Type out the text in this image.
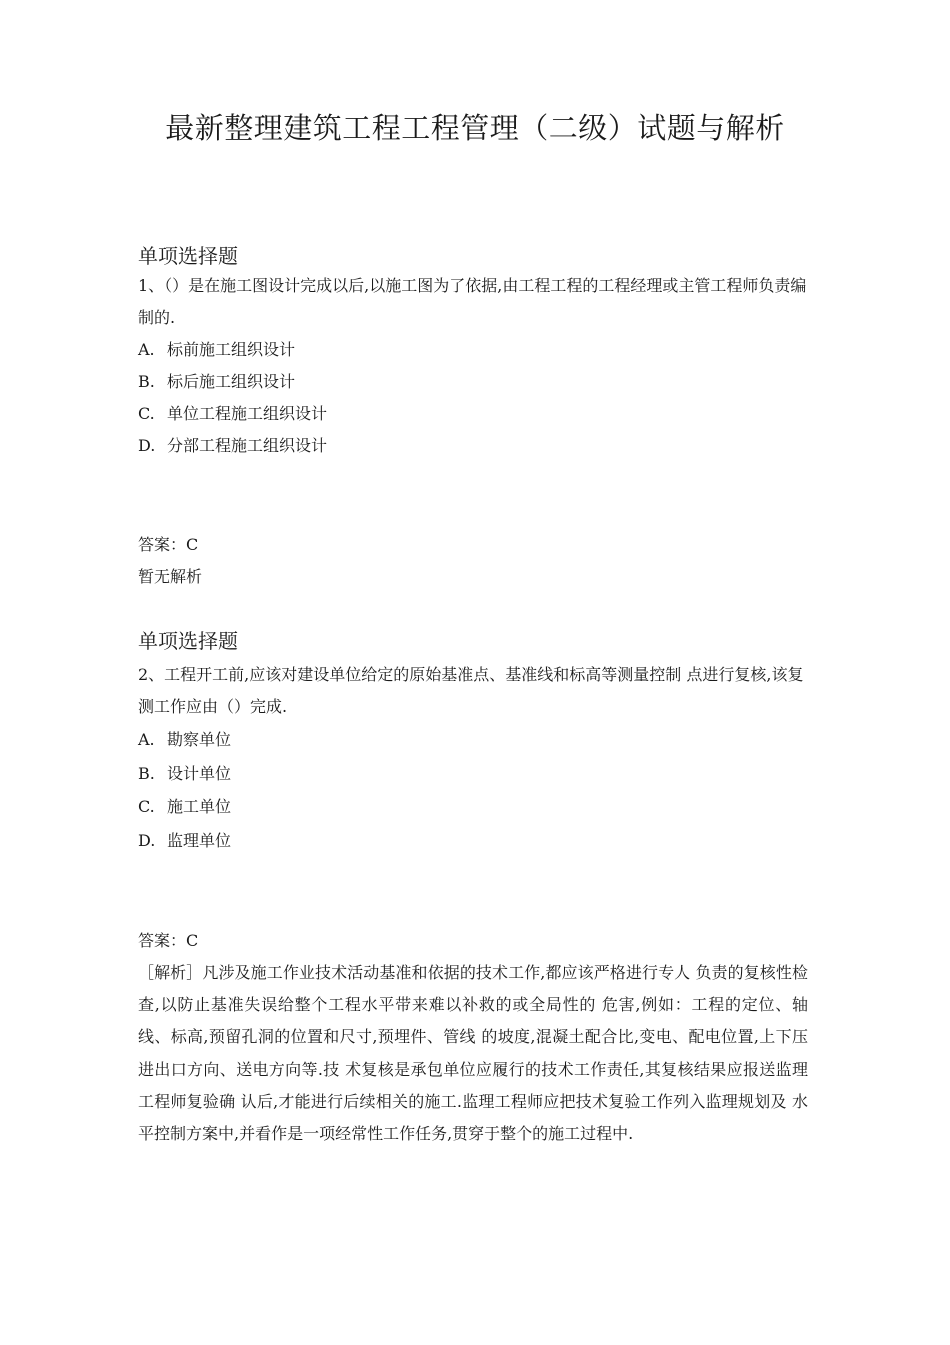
最新整理建筑工程工程管理（二级）试题与解析

单项选择题

1、（）是在施工图设计完成以后,以施工图为了依据,由工程工程的工程经理或主管工程师负责编制的.

A. 标前施工组织设计

B. 标后施工组织设计

C. 单位工程施工组织设计

D. 分部工程施工组织设计

答案：C

暂无解析

单项选择题

2、工程开工前,应该对建设单位给定的原始基准点、基准线和标高等测量控制 点进行复核,该复测工作应由（）完成.

A. 勘察单位

B. 设计单位

C. 施工单位

D. 监理单位

答案：C

［解析］凡涉及施工作业技术活动基准和依据的技术工作,都应该严格进行专人 负责的复核性检查,以防止基准失误给整个工程水平带来难以补救的或全局性的 危害,例如：工程的定位、轴线、标高,预留孔洞的位置和尺寸,预埋件、管线 的坡度,混凝土配合比,变电、配电位置,上下压进出口方向、送电方向等.技 术复核是承包单位应履行的技术工作责任,其复核结果应报送监理工程师复验确 认后,才能进行后续相关的施工.监理工程师应把技术复验工作列入监理规划及 水平控制方案中,并看作是一项经常性工作任务,贯穿于整个的施工过程中.
